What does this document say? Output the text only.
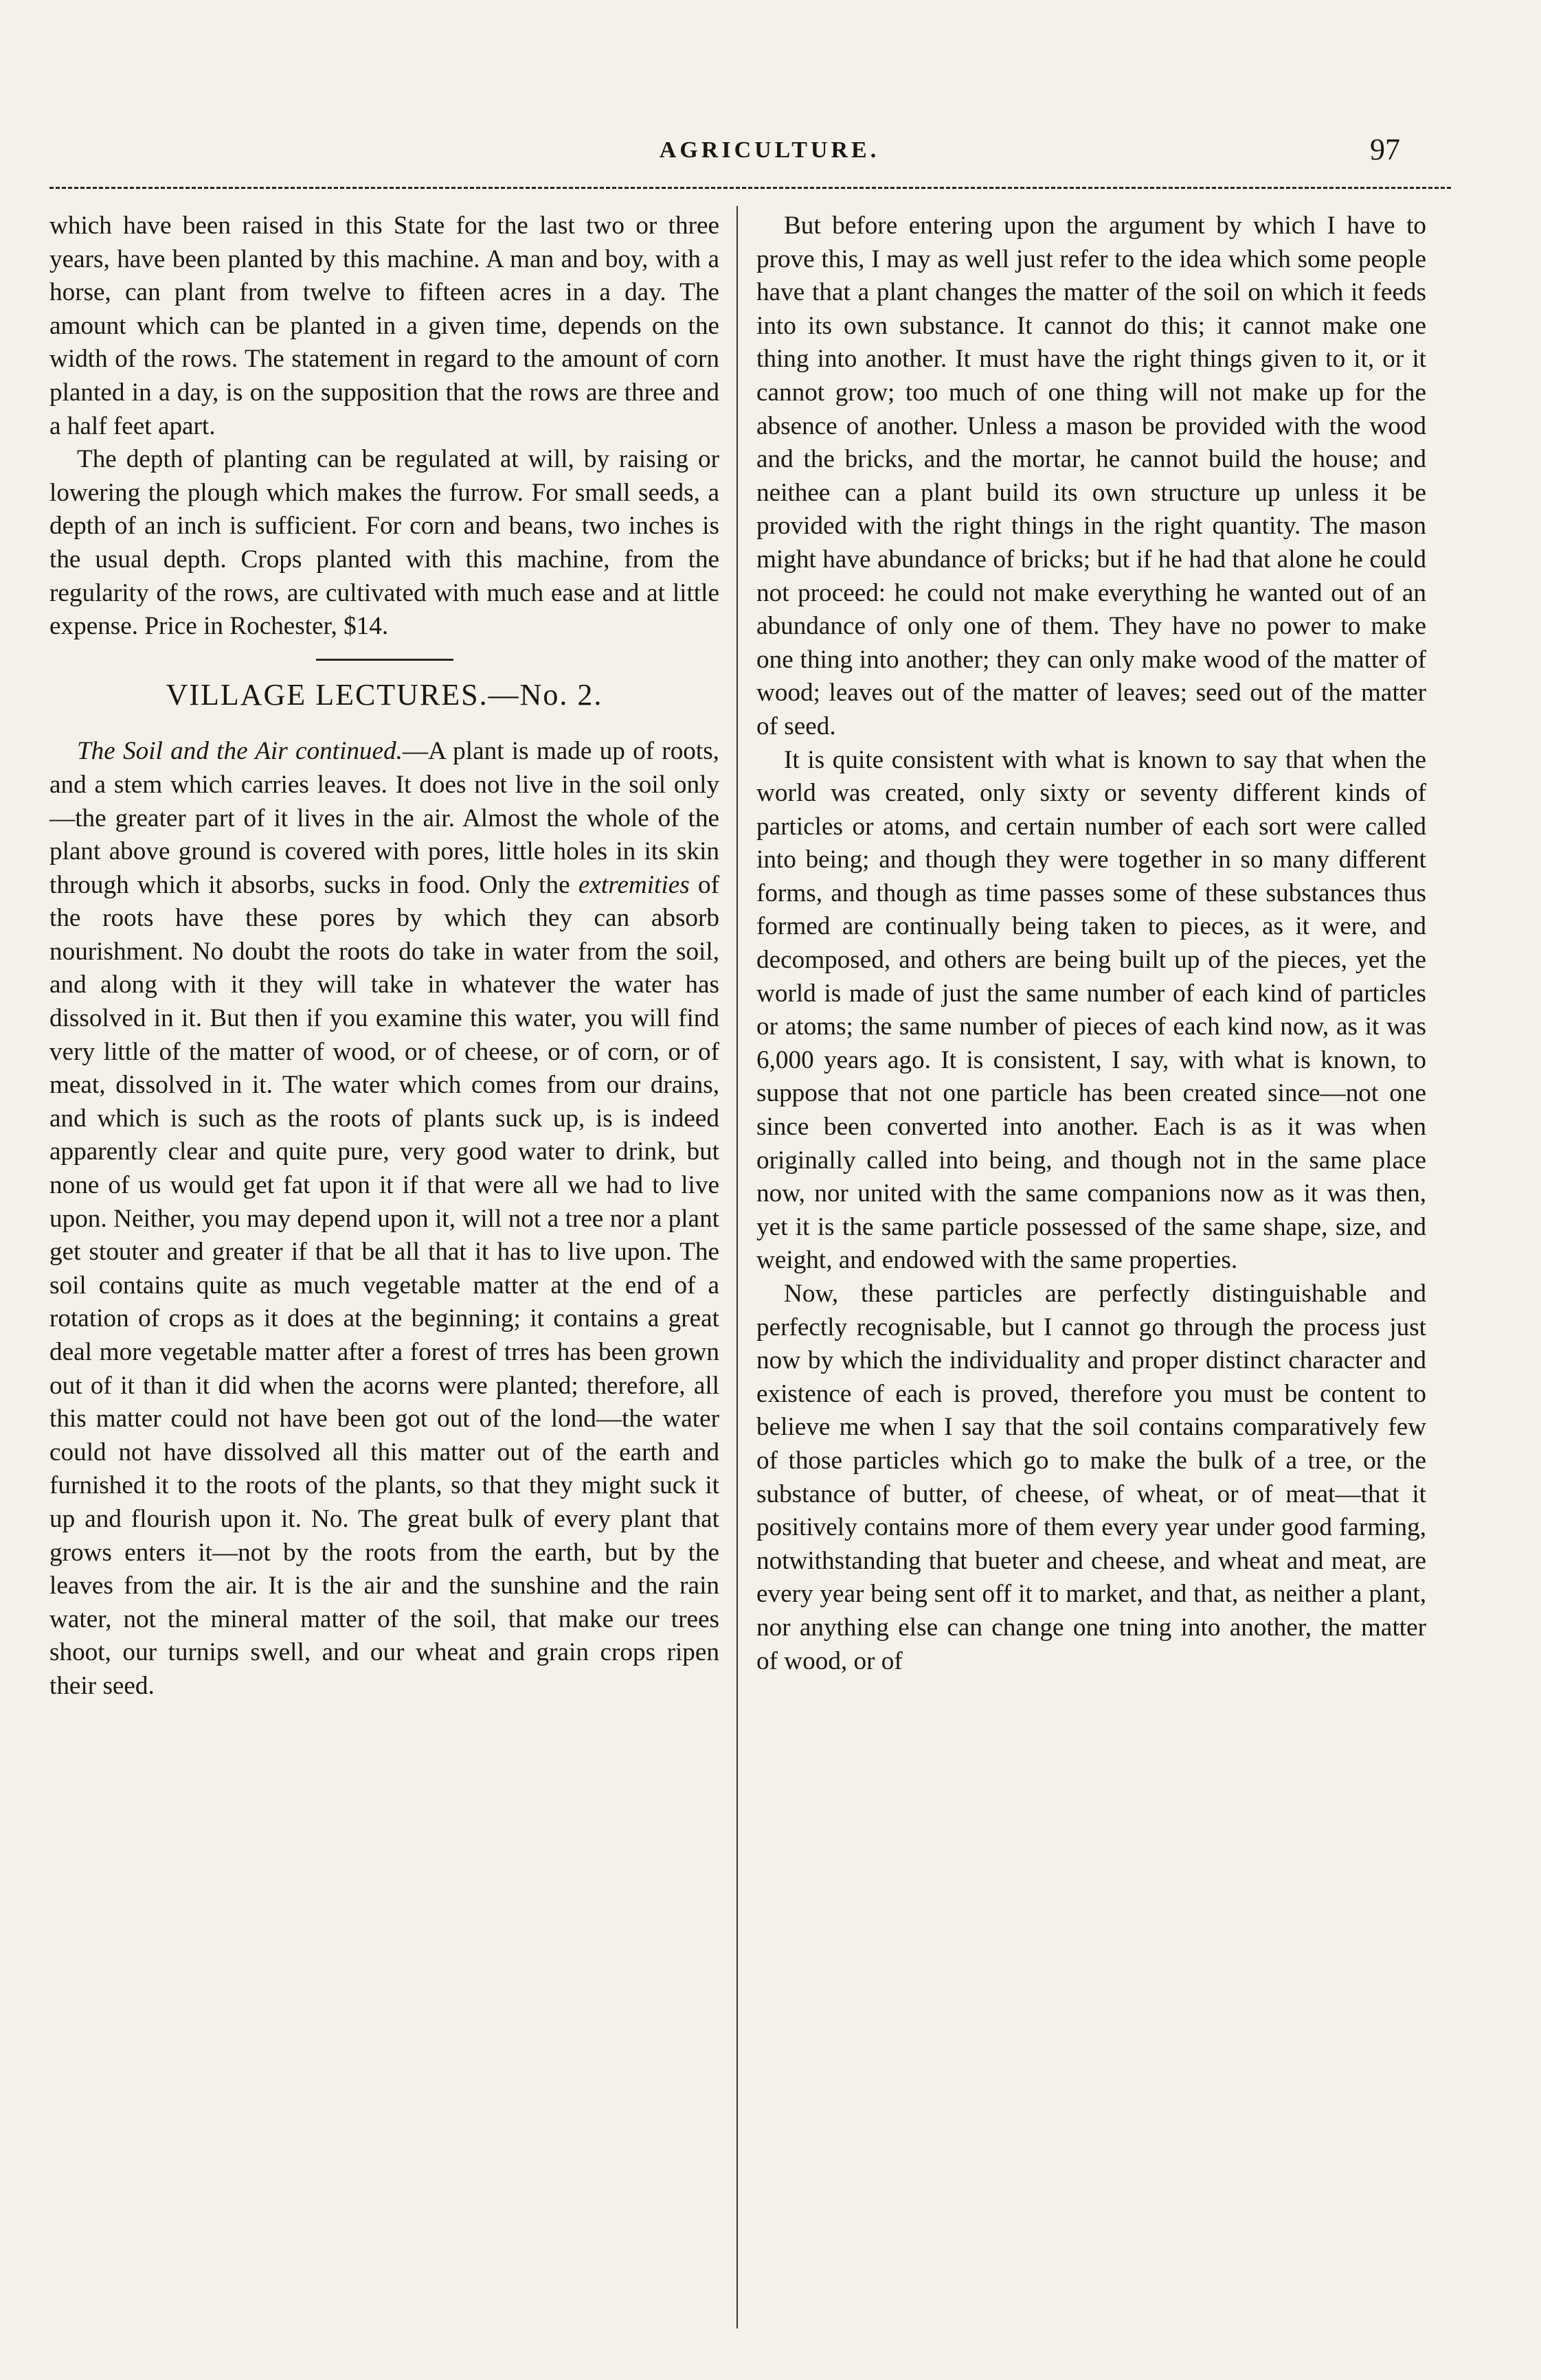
AGRICULTURE.	97

which have been raised in this State for the last two or three years, have been planted by this machine. A man and boy, with a horse, can plant from twelve to fifteen acres in a day. The amount which can be planted in a given time, depends on the width of the rows. The statement in regard to the amount of corn planted in a day, is on the supposition that the rows are three and a half feet apart.

The depth of planting can be regulated at will, by raising or lowering the plough which makes the furrow. For small seeds, a depth of an inch is sufficient. For corn and beans, two inches is the usual depth. Crops planted with this machine, from the regularity of the rows, are cultivated with much ease and at little expense. Price in Rochester, $14.

VILLAGE LECTURES.—No. 2.

The Soil and the Air continued.—A plant is made up of roots, and a stem which carries leaves. It does not live in the soil only—the greater part of it lives in the air. Almost the whole of the plant above ground is covered with pores, little holes in its skin through which it absorbs, sucks in food. Only the extremities of the roots have these pores by which they can absorb nourishment. No doubt the roots do take in water from the soil, and along with it they will take in whatever the water has dissolved in it. But then if you examine this water, you will find very little of the matter of wood, or of cheese, or of corn, or of meat, dissolved in it. The water which comes from our drains, and which is such as the roots of plants suck up, is is indeed apparently clear and quite pure, very good water to drink, but none of us would get fat upon it if that were all we had to live upon. Neither, you may depend upon it, will not a tree nor a plant get stouter and greater if that be all that it has to live upon. The soil contains quite as much vegetable matter at the end of a rotation of crops as it does at the beginning; it contains a great deal more vegetable matter after a forest of trres has been grown out of it than it did when the acorns were planted; therefore, all this matter could not have been got out of the lond—the water could not have dissolved all this matter out of the earth and furnished it to the roots of the plants, so that they might suck it up and flourish upon it. No. The great bulk of every plant that grows enters it—not by the roots from the earth, but by the leaves from the air. It is the air and the sunshine and the rain water, not the mineral matter of the soil, that make our trees shoot, our turnips swell, and our wheat and grain crops ripen their seed.

But before entering upon the argument by which I have to prove this, I may as well just refer to the idea which some people have that a plant changes the matter of the soil on which it feeds into its own substance. It cannot do this; it cannot make one thing into another. It must have the right things given to it, or it cannot grow; too much of one thing will not make up for the absence of another. Unless a mason be provided with the wood and the bricks, and the mortar, he cannot build the house; and neithee can a plant build its own structure up unless it be provided with the right things in the right quantity. The mason might have abundance of bricks; but if he had that alone he could not proceed: he could not make everything he wanted out of an abundance of only one of them. They have no power to make one thing into another; they can only make wood of the matter of wood; leaves out of the matter of leaves; seed out of the matter of seed.

It is quite consistent with what is known to say that when the world was created, only sixty or seventy different kinds of particles or atoms, and certain number of each sort were called into being; and though they were together in so many different forms, and though as time passes some of these substances thus formed are continually being taken to pieces, as it were, and decomposed, and others are being built up of the pieces, yet the world is made of just the same number of each kind of particles or atoms; the same number of pieces of each kind now, as it was 6,000 years ago. It is consistent, I say, with what is known, to suppose that not one particle has been created since—not one since been converted into another. Each is as it was when originally called into being, and though not in the same place now, nor united with the same companions now as it was then, yet it is the same particle possessed of the same shape, size, and weight, and endowed with the same properties.

Now, these particles are perfectly distinguishable and perfectly recognisable, but I cannot go through the process just now by which the individuality and proper distinct character and existence of each is proved, therefore you must be content to believe me when I say that the soil contains comparatively few of those particles which go to make the bulk of a tree, or the substance of butter, of cheese, of wheat, or of meat—that it positively contains more of them every year under good farming, notwithstanding that bueter and cheese, and wheat and meat, are every year being sent off it to market, and that, as neither a plant, nor anything else can change one tning into another, the matter of wood, or of
